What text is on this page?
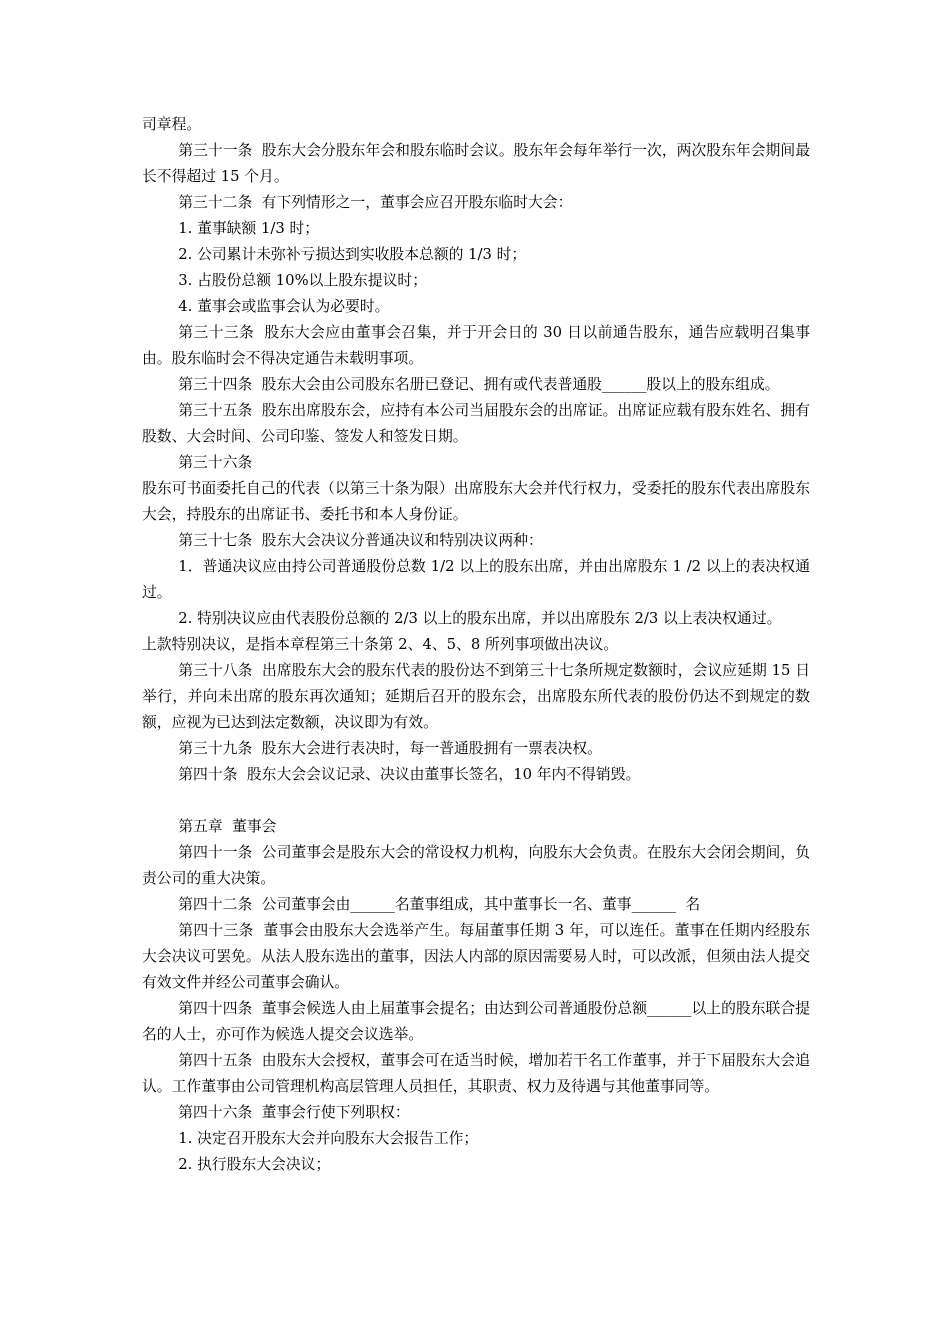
司章程。

第三十一条  股东大会分股东年会和股东临时会议。股东年会每年举行一次，两次股东年会期间最长不得超过 15 个月。

第三十二条  有下列情形之一，董事会应召开股东临时大会：

1. 董事缺额 1/3 时；

2. 公司累计未弥补亏损达到实收股本总额的 1/3 时；

3. 占股份总额 10%以上股东提议时；

4. 董事会或监事会认为必要时。

第三十三条  股东大会应由董事会召集，并于开会日的 30 日以前通告股东，通告应载明召集事由。股东临时会不得决定通告未载明事项。

第三十四条  股东大会由公司股东名册已登记、拥有或代表普通股______股以上的股东组成。

第三十五条  股东出席股东会，应持有本公司当届股东会的出席证。出席证应载有股东姓名、拥有股数、大会时间、公司印鉴、签发人和签发日期。

第三十六条

股东可书面委托自己的代表（以第三十条为限）出席股东大会并代行权力，受委托的股东代表出席股东大会，持股东的出席证书、委托书和本人身份证。

第三十七条  股东大会决议分普通决议和特别决议两种：

1．普通决议应由持公司普通股份总数 1/2 以上的股东出席，并由出席股东 1 /2 以上的表决权通过。

2. 特别决议应由代表股份总额的 2/3 以上的股东出席，并以出席股东 2/3 以上表决权通过。

上款特别决议，是指本章程第三十条第 2、4、5、8 所列事项做出决议。

第三十八条  出席股东大会的股东代表的股份达不到第三十七条所规定数额时，会议应延期 15 日举行，并向未出席的股东再次通知；延期后召开的股东会，出席股东所代表的股份仍达不到规定的数额，应视为已达到法定数额，决议即为有效。

第三十九条  股东大会进行表决时，每一普通股拥有一票表决权。

第四十条  股东大会会议记录、决议由董事长签名，10 年内不得销毁。

第五章  董事会

第四十一条  公司董事会是股东大会的常设权力机构，向股东大会负责。在股东大会闭会期间，负责公司的重大决策。

第四十二条  公司董事会由______名董事组成，其中董事长一名、董事______  名

第四十三条  董事会由股东大会选举产生。每届董事任期 3 年，可以连任。董事在任期内经股东大会决议可罢免。从法人股东选出的董事，因法人内部的原因需要易人时，可以改派，但须由法人提交有效文件并经公司董事会确认。

第四十四条  董事会候选人由上届董事会提名；由达到公司普通股份总额______以上的股东联合提名的人士，亦可作为候选人提交会议选举。

第四十五条  由股东大会授权，董事会可在适当时候，增加若干名工作董事，并于下届股东大会追认。工作董事由公司管理机构高层管理人员担任，其职责、权力及待遇与其他董事同等。

第四十六条  董事会行使下列职权：

1. 决定召开股东大会并向股东大会报告工作；

2. 执行股东大会决议；
